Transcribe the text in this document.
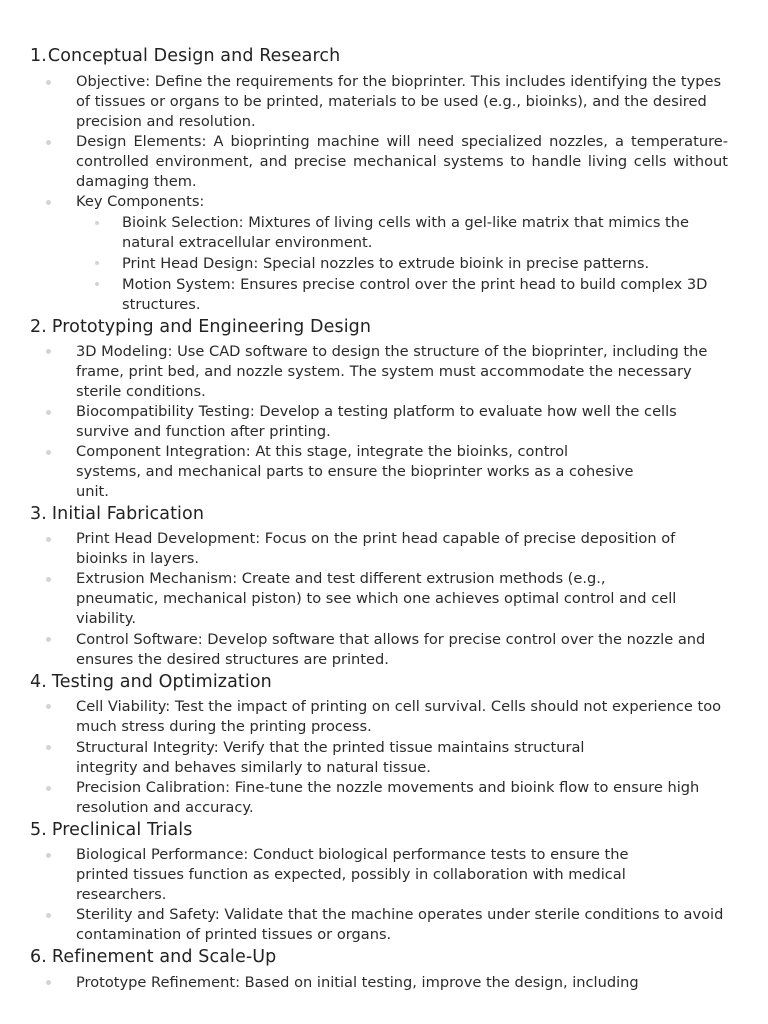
1.Conceptual Design and Research
Objective: Define the requirements for the bioprinter. This includes identifying the types of tissues or organs to be printed, materials to be used (e.g., bioinks), and the desired precision and resolution.
Design Elements: A bioprinting machine will need specialized nozzles, a temperature- controlled environment, and precise mechanical systems to handle living cells without damaging them.
Key Components:
Bioink Selection: Mixtures of living cells with a gel-like matrix that mimics the natural extracellular environment.
Print Head Design: Special nozzles to extrude bioink in precise patterns.
Motion System: Ensures precise control over the print head to build complex 3D structures.
2. Prototyping and Engineering Design
3D Modeling: Use CAD software to design the structure of the bioprinter, including the frame, print bed, and nozzle system. The system must accommodate the necessary sterile conditions.
Biocompatibility Testing: Develop a testing platform to evaluate how well the cells survive and function after printing.
Component Integration: At this stage, integrate the bioinks, control systems, and mechanical parts to ensure the bioprinter works as a cohesive unit.
3. Initial Fabrication
Print Head Development: Focus on the print head capable of precise deposition of bioinks in layers.
Extrusion Mechanism: Create and test different extrusion methods (e.g., pneumatic, mechanical piston) to see which one achieves optimal control and cell viability.
Control Software: Develop software that allows for precise control over the nozzle and ensures the desired structures are printed.
4. Testing and Optimization
Cell Viability: Test the impact of printing on cell survival. Cells should not experience too much stress during the printing process.
Structural Integrity: Verify that the printed tissue maintains structural integrity and behaves similarly to natural tissue.
Precision Calibration: Fine-tune the nozzle movements and bioink flow to ensure high resolution and accuracy.
5. Preclinical Trials
Biological Performance: Conduct biological performance tests to ensure the printed tissues function as expected, possibly in collaboration with medical researchers.
Sterility and Safety: Validate that the machine operates under sterile conditions to avoid contamination of printed tissues or organs.
6. Refinement and Scale-Up
Prototype Refinement: Based on initial testing, improve the design, including
